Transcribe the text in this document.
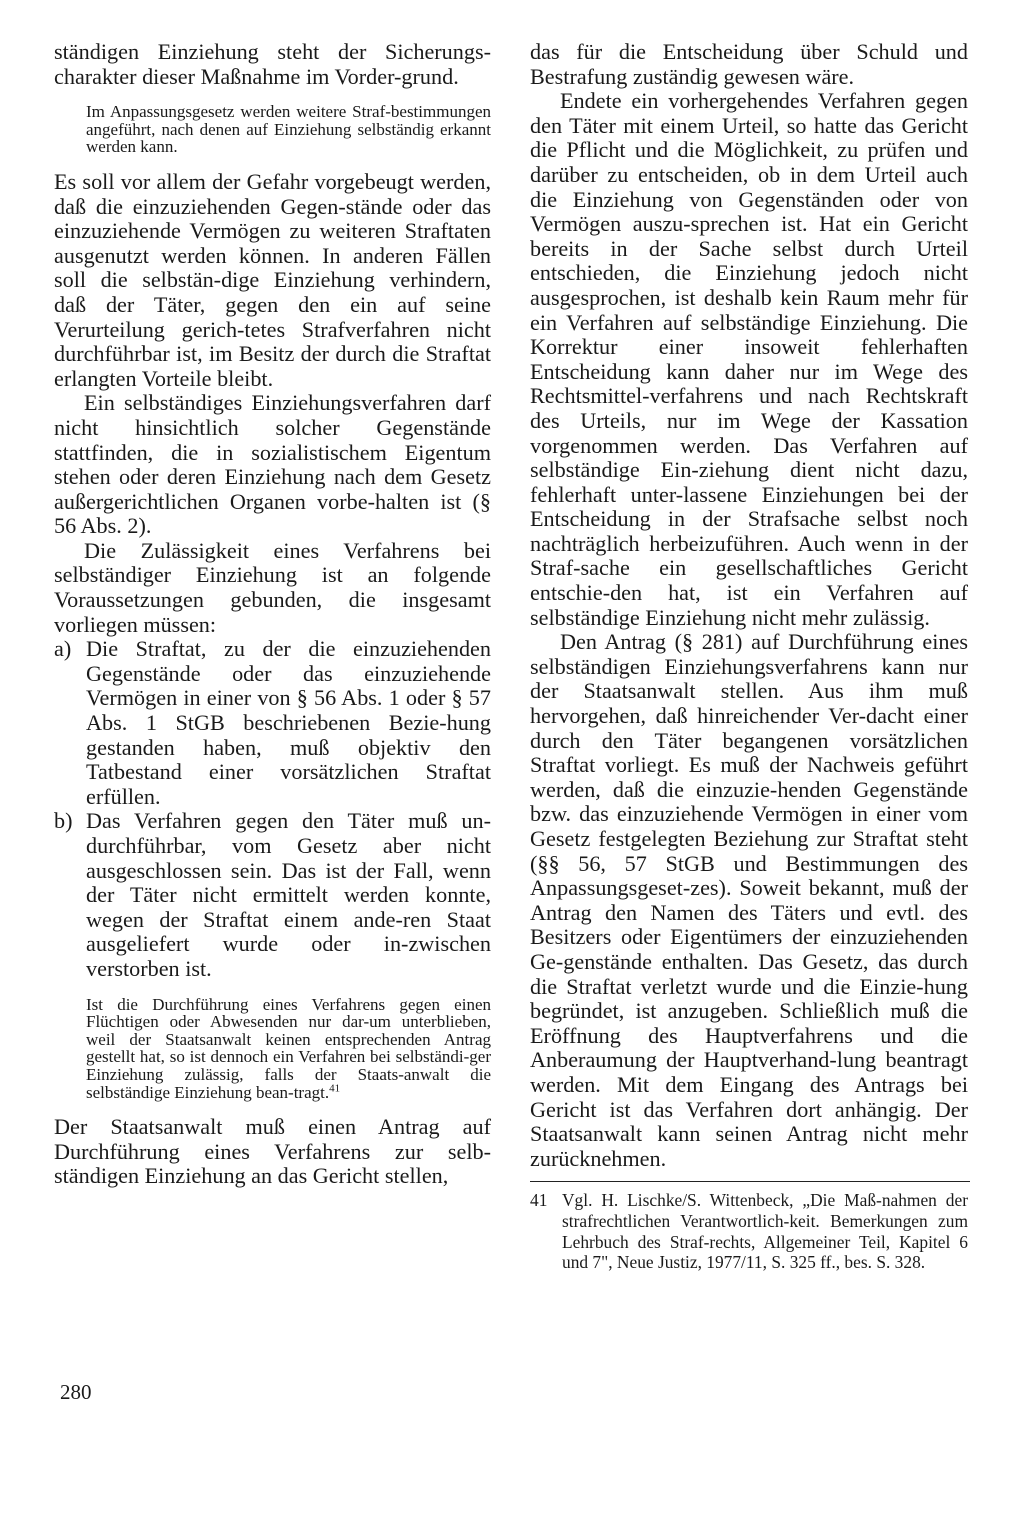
ständigen Einziehung steht der Sicherungs-charakter dieser Maßnahme im Vorder-grund.

Im Anpassungsgesetz werden weitere Straf-bestimmungen angeführt, nach denen auf Einziehung selbständig erkannt werden kann.

Es soll vor allem der Gefahr vorgebeugt werden, daß die einzuziehenden Gegen-stände oder das einzuziehende Vermögen zu weiteren Straftaten ausgenutzt werden können. In anderen Fällen soll die selbstän-dige Einziehung verhindern, daß der Täter, gegen den ein auf seine Verurteilung gerich-tetes Strafverfahren nicht durchführbar ist, im Besitz der durch die Straftat erlangten Vorteile bleibt.

Ein selbständiges Einziehungsverfahren darf nicht hinsichtlich solcher Gegenstände stattfinden, die in sozialistischem Eigentum stehen oder deren Einziehung nach dem Gesetz außergerichtlichen Organen vorbe-halten ist (§ 56 Abs. 2).

Die Zulässigkeit eines Verfahrens bei selbständiger Einziehung ist an folgende Voraussetzungen gebunden, die insgesamt vorliegen müssen:

a) Die Straftat, zu der die einzuziehenden Gegenstände oder das einzuziehende Vermögen in einer von § 56 Abs. 1 oder § 57 Abs. 1 StGB beschriebenen Bezie-hung gestanden haben, muß objektiv den Tatbestand einer vorsätzlichen Straftat erfüllen.
b) Das Verfahren gegen den Täter muß un-durchführbar, vom Gesetz aber nicht ausgeschlossen sein. Das ist der Fall, wenn der Täter nicht ermittelt werden konnte, wegen der Straftat einem ande-ren Staat ausgeliefert wurde oder in-zwischen verstorben ist.

Ist die Durchführung eines Verfahrens gegen einen Flüchtigen oder Abwesenden nur dar-um unterblieben, weil der Staatsanwalt keinen entsprechenden Antrag gestellt hat, so ist dennoch ein Verfahren bei selbständi-ger Einziehung zulässig, falls der Staats-anwalt die selbständige Einziehung bean-tragt.$^{41}$

Der Staatsanwalt muß einen Antrag auf Durchführung eines Verfahrens zur selb-ständigen Einziehung an das Gericht stellen,

das für die Entscheidung über Schuld und Bestrafung zuständig gewesen wäre.

Endete ein vorhergehendes Verfahren gegen den Täter mit einem Urteil, so hatte das Gericht die Pflicht und die Möglichkeit, zu prüfen und darüber zu entscheiden, ob in dem Urteil auch die Einziehung von Gegenständen oder von Vermögen auszu-sprechen ist. Hat ein Gericht bereits in der Sache selbst durch Urteil entschieden, die Einziehung jedoch nicht ausgesprochen, ist deshalb kein Raum mehr für ein Verfahren auf selbständige Einziehung. Die Korrektur einer insoweit fehlerhaften Entscheidung kann daher nur im Wege des Rechtsmittel-verfahrens und nach Rechtskraft des Urteils, nur im Wege der Kassation vorgenommen werden. Das Verfahren auf selbständige Ein-ziehung dient nicht dazu, fehlerhaft unter-lassene Einziehungen bei der Entscheidung in der Strafsache selbst noch nachträglich herbeizuführen. Auch wenn in der Straf-sache ein gesellschaftliches Gericht entschie-den hat, ist ein Verfahren auf selbständige Einziehung nicht mehr zulässig.

Den Antrag (§ 281) auf Durchführung eines selbständigen Einziehungsverfahrens kann nur der Staatsanwalt stellen. Aus ihm muß hervorgehen, daß hinreichender Ver-dacht einer durch den Täter begangenen vorsätzlichen Straftat vorliegt. Es muß der Nachweis geführt werden, daß die einzuzie-henden Gegenstände bzw. das einzuziehende Vermögen in einer vom Gesetz festgelegten Beziehung zur Straftat steht (§§ 56, 57 StGB und Bestimmungen des Anpassungsgeset-zes). Soweit bekannt, muß der Antrag den Namen des Täters und evtl. des Besitzers oder Eigentümers der einzuziehenden Ge-genstände enthalten. Das Gesetz, das durch die Straftat verletzt wurde und die Einzie-hung begründet, ist anzugeben. Schließlich muß die Eröffnung des Hauptverfahrens und die Anberaumung der Hauptverhand-lung beantragt werden. Mit dem Eingang des Antrags bei Gericht ist das Verfahren dort anhängig. Der Staatsanwalt kann seinen Antrag nicht mehr zurücknehmen.

41 Vgl. H. Lischke/S. Wittenbeck, „Die Maß-nahmen der strafrechtlichen Verantwortlich-keit. Bemerkungen zum Lehrbuch des Straf-rechts, Allgemeiner Teil, Kapitel 6 und 7", Neue Justiz, 1977/11, S. 325 ff., bes. S. 328.
280
